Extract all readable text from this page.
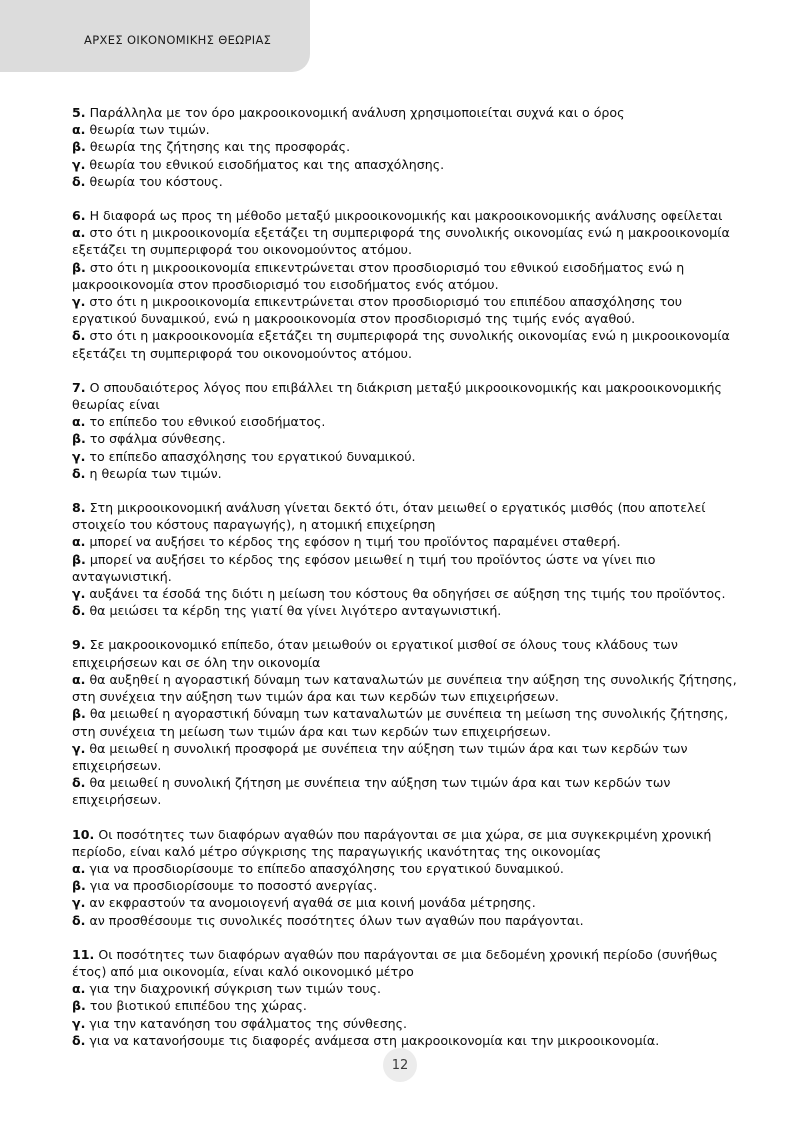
ΑΡΧΕΣ ΟΙΚΟΝΟΜΙΚΗΣ ΘΕΩΡΙΑΣ
5. Παράλληλα με τον όρο μακροοικονομική ανάλυση χρησιμοποιείται συχνά και ο όρος
α. θεωρία των τιμών.
β. θεωρία της ζήτησης και της προσφοράς.
γ. θεωρία του εθνικού εισοδήματος και της απασχόλησης.
δ. θεωρία του κόστους.
6. Η διαφορά ως προς τη μέθοδο μεταξύ μικροοικονομικής και μακροοικονομικής ανάλυσης οφείλεται
α. στο ότι η μικροοικονομία εξετάζει τη συμπεριφορά της συνολικής οικονομίας ενώ η μακροοικονομία εξετάζει τη συμπεριφορά του οικονομούντος ατόμου.
β. στο ότι η μικροοικονομία επικεντρώνεται στον προσδιορισμό του εθνικού εισοδήματος ενώ η μακροοικονομία στον προσδιορισμό του εισοδήματος ενός ατόμου.
γ. στο ότι η μικροοικονομία επικεντρώνεται στον προσδιορισμό του επιπέδου απασχόλησης του εργατικού δυναμικού, ενώ η μακροοικονομία στον προσδιορισμό της τιμής ενός αγαθού.
δ. στο ότι η μακροοικονομία εξετάζει τη συμπεριφορά της συνολικής οικονομίας ενώ η μικροοικονομία εξετάζει τη συμπεριφορά του οικονομούντος ατόμου.
7. Ο σπουδαιότερος λόγος που επιβάλλει τη διάκριση μεταξύ μικροοικονομικής και μακροοικονομικής θεωρίας είναι
α. το επίπεδο του εθνικού εισοδήματος.
β. το σφάλμα σύνθεσης.
γ. το επίπεδο απασχόλησης του εργατικού δυναμικού.
δ. η θεωρία των τιμών.
8. Στη μικροοικονομική ανάλυση γίνεται δεκτό ότι, όταν μειωθεί ο εργατικός μισθός (που αποτελεί στοιχείο του κόστους παραγωγής), η ατομική επιχείρηση
α. μπορεί να αυξήσει το κέρδος της εφόσον η τιμή του προϊόντος παραμένει σταθερή.
β. μπορεί να αυξήσει το κέρδος της εφόσον μειωθεί η τιμή του προϊόντος ώστε να γίνει πιο ανταγωνιστική.
γ. αυξάνει τα έσοδά της διότι η μείωση του κόστους θα οδηγήσει σε αύξηση της τιμής του προϊόντος.
δ. θα μειώσει τα κέρδη της γιατί θα γίνει λιγότερο ανταγωνιστική.
9. Σε μακροοικονομικό επίπεδο, όταν μειωθούν οι εργατικοί μισθοί σε όλους τους κλάδους των επιχειρήσεων και σε όλη την οικονομία
α. θα αυξηθεί η αγοραστική δύναμη των καταναλωτών με συνέπεια την αύξηση της συνολικής ζήτησης, στη συνέχεια την αύξηση των τιμών άρα και των κερδών των επιχειρήσεων.
β. θα μειωθεί η αγοραστική δύναμη των καταναλωτών με συνέπεια τη μείωση της συνολικής ζήτησης, στη συνέχεια τη μείωση των τιμών άρα και των κερδών των επιχειρήσεων.
γ. θα μειωθεί η συνολική προσφορά με συνέπεια την αύξηση των τιμών άρα και των κερδών των επιχειρήσεων.
δ. θα μειωθεί η συνολική ζήτηση με συνέπεια την αύξηση των τιμών άρα και των κερδών των επιχειρήσεων.
10. Οι ποσότητες των διαφόρων αγαθών που παράγονται σε μια χώρα, σε μια συγκεκριμένη χρονική περίοδο, είναι καλό μέτρο σύγκρισης της παραγωγικής ικανότητας της οικονομίας
α. για να προσδιορίσουμε το επίπεδο απασχόλησης του εργατικού δυναμικού.
β. για να προσδιορίσουμε το ποσοστό ανεργίας.
γ. αν εκφραστούν τα ανομοιογενή αγαθά σε μια κοινή μονάδα μέτρησης.
δ. αν προσθέσουμε τις συνολικές ποσότητες όλων των αγαθών που παράγονται.
11. Οι ποσότητες των διαφόρων αγαθών που παράγονται σε μια δεδομένη χρονική περίοδο (συνήθως έτος) από μια οικονομία, είναι καλό οικονομικό μέτρο
α. για την διαχρονική σύγκριση των τιμών τους.
β. του βιοτικού επιπέδου της χώρας.
γ. για την κατανόηση του σφάλματος της σύνθεσης.
δ. για να κατανοήσουμε τις διαφορές ανάμεσα στη μακροοικονομία και την μικροοικονομία.
12
